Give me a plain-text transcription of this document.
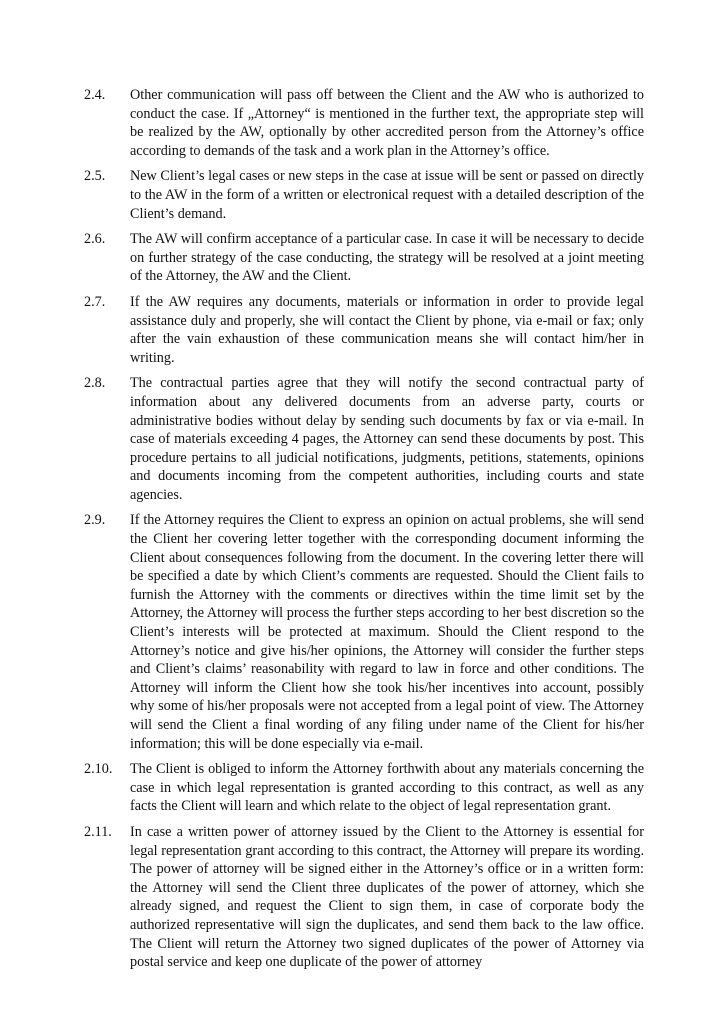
2.4.	Other communication will pass off between the Client and the AW who is authorized to conduct the case. If „Attorney“ is mentioned in the further text, the appropriate step will be realized by the AW, optionally by other accredited person from the Attorney’s office according to demands of the task and a work plan in the Attorney’s office.
2.5.	New Client’s legal cases or new steps in the case at issue will be sent or passed on directly to the AW in the form of a written or electronical request with a detailed description of the Client’s demand.
2.6.	The AW will confirm acceptance of a particular case. In case it will be necessary to decide on further strategy of the case conducting, the strategy will be resolved at a joint meeting of the Attorney, the AW and the Client.
2.7.	If the AW requires any documents, materials or information in order to provide legal assistance duly and properly, she will contact the Client by phone, via e-mail or fax; only after the vain exhaustion of these communication means she will contact him/her in writing.
2.8.	The contractual parties agree that they will notify the second contractual party of information about any delivered documents from an adverse party, courts or administrative bodies without delay by sending such documents by fax or via e-mail. In case of materials exceeding 4 pages, the Attorney can send these documents by post. This procedure pertains to all judicial notifications, judgments, petitions, statements, opinions and documents incoming from the competent authorities, including courts and state agencies.
2.9.	If the Attorney requires the Client to express an opinion on actual problems, she will send the Client her covering letter together with the corresponding document informing the Client about consequences following from the document. In the covering letter there will be specified a date by which Client’s comments are requested. Should the Client fails to furnish the Attorney with the comments or directives within the time limit set by the Attorney, the Attorney will process the further steps according to her best discretion so the Client’s interests will be protected at maximum. Should the Client respond to the Attorney’s notice and give his/her opinions, the Attorney will consider the further steps and Client’s claims’ reasonability with regard to law in force and other conditions. The Attorney will inform the Client how she took his/her incentives into account, possibly why some of his/her proposals were not accepted from a legal point of view. The Attorney will send the Client a final wording of any filing under name of the Client for his/her information; this will be done especially via e-mail.
2.10.	The Client is obliged to inform the Attorney forthwith about any materials concerning the case in which legal representation is granted according to this contract, as well as any facts the Client will learn and which relate to the object of legal representation grant.
2.11.	In case a written power of attorney issued by the Client to the Attorney is essential for legal representation grant according to this contract, the Attorney will prepare its wording. The power of attorney will be signed either in the Attorney’s office or in a written form: the Attorney will send the Client three duplicates of the power of attorney, which she already signed, and request the Client to sign them, in case of corporate body the authorized representative will sign the duplicates, and send them back to the law office. The Client will return the Attorney two signed duplicates of the power of Attorney via postal service and keep one duplicate of the power of attorney
